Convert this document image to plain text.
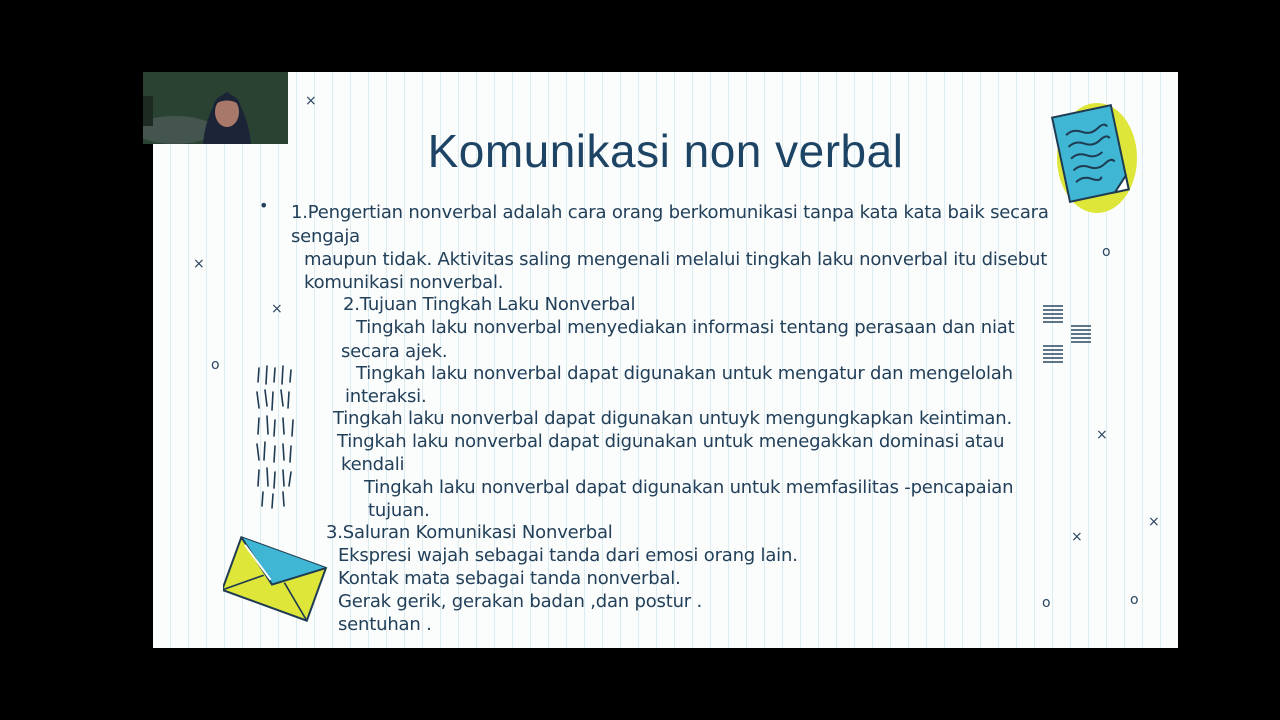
Komunikasi non verbal
• 1.Pengertian nonverbal adalah cara orang berkomunikasi tanpa kata kata baik secara
sengaja
maupun tidak. Aktivitas saling mengenali melalui tingkah laku nonverbal itu disebut
komunikasi nonverbal.
2.Tujuan Tingkah Laku Nonverbal
Tingkah laku nonverbal menyediakan informasi tentang perasaan dan niat
secara ajek.
Tingkah laku nonverbal dapat digunakan untuk mengatur dan mengelolah
interaksi.
Tingkah laku nonverbal dapat digunakan untuyk mengungkapkan keintiman.
Tingkah laku nonverbal dapat digunakan untuk menegakkan dominasi atau
kendali
Tingkah laku nonverbal dapat digunakan untuk memfasilitas -pencapaian
tujuan.
3.Saluran Komunikasi Nonverbal
Ekspresi wajah sebagai tanda dari emosi orang lain.
Kontak mata sebagai tanda nonverbal.
Gerak gerik, gerakan badan ,dan postur .
sentuhan .
×
×
×
o
o
×
×
×
o	o
